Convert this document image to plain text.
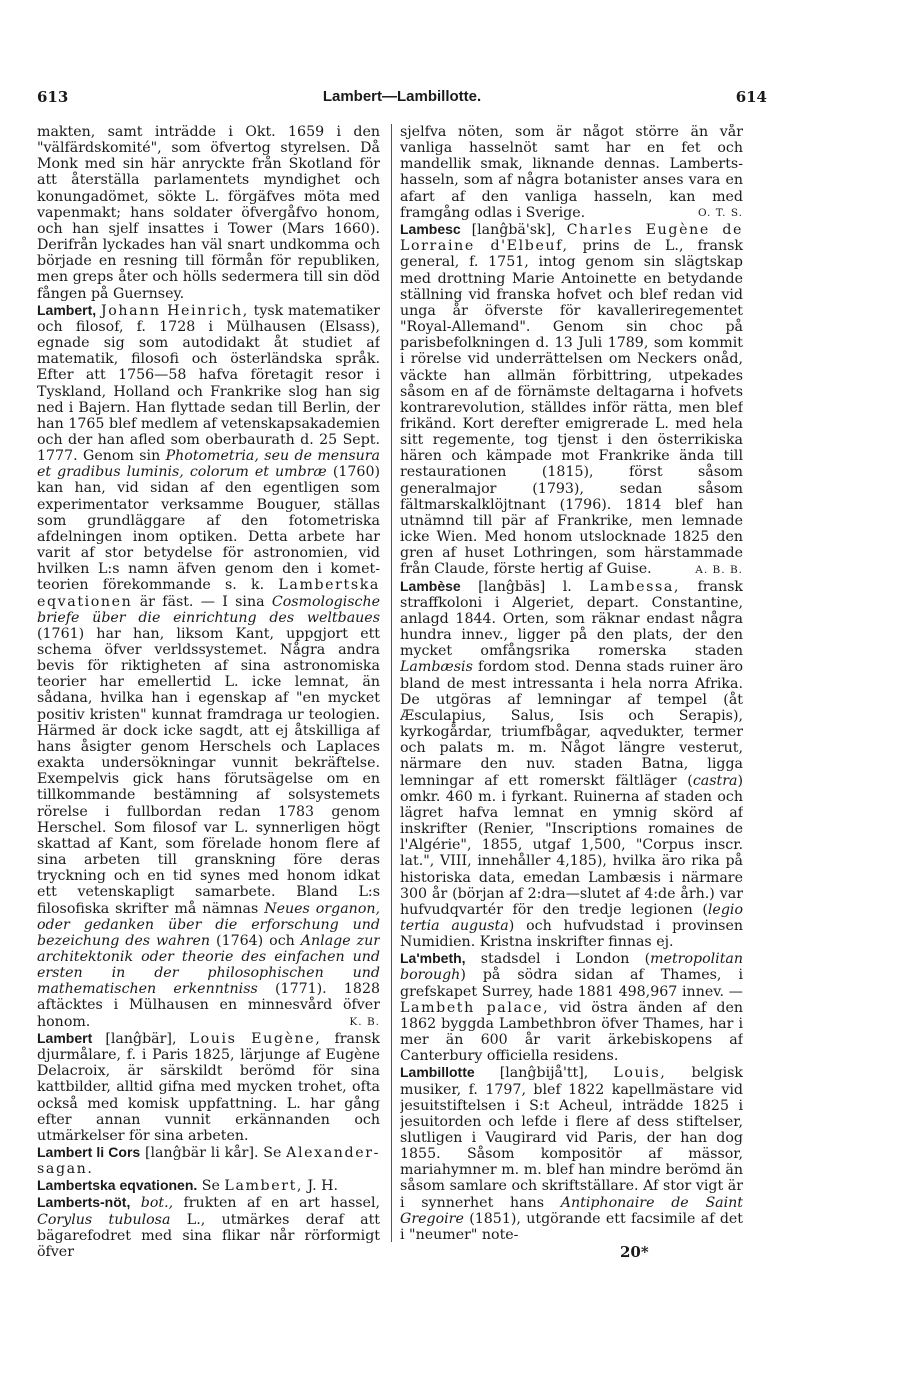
613	Lambert—Lambillotte.	614

makten, samt inträdde i Okt. 1659 i den "välfärdskomité", som öfvertog styrelsen. Då Monk med sin här anryckte från Skotland för att återställa parlamentets myndighet och konungadömet, sökte L. förgäfves möta med vapenmakt; hans soldater öfvergåfvo honom, och han sjelf insattes i Tower (Mars 1660). Derifrån lyckades han väl snart undkomma och började en resning till förmån för republiken, men greps åter och hölls sedermera till sin död fången på Guernsey.

Lambert, Johann Heinrich, tysk matematiker och filosof, f. 1728 i Mülhausen (Elsass), egnade sig som autodidakt åt studiet af matematik, filosofi och österländska språk. Efter att 1756—58 hafva företagit resor i Tyskland, Holland och Frankrike slog han sig ned i Bajern. Han flyttade sedan till Berlin, der han 1765 blef medlem af vetenskapsakademien och der han afled som oberbaurath d. 25 Sept. 1777. Genom sin Photometria, seu de mensura et gradibus luminis, colorum et umbræ (1760) kan han, vid sidan af den egentligen som experimentator verksamme Bouguer, ställas som grundläggare af den fotometriska afdelningen inom optiken. Detta arbete har varit af stor betydelse för astronomien, vid hvilken L:s namn äfven genom den i komet-teorien förekommande s. k. Lambertska eqvationen är fäst. — I sina Cosmologische briefe über die einrichtung des weltbaues (1761) har han, liksom Kant, uppgjort ett schema öfver verldssystemet. Några andra bevis för riktigheten af sina astronomiska teorier har emellertid L. icke lemnat, än sådana, hvilka han i egenskap af "en mycket positiv kristen" kunnat framdraga ur teologien. Härmed är dock icke sagdt, att ej åtskilliga af hans åsigter genom Herschels och Laplaces exakta undersökningar vunnit bekräftelse. Exempelvis gick hans förutsägelse om en tillkommande bestämning af solsystemets rörelse i fullbordan redan 1783 genom Herschel. Som filosof var L. synnerligen högt skattad af Kant, som förelade honom flere af sina arbeten till granskning före deras tryckning och en tid synes med honom idkat ett vetenskapligt samarbete. Bland L:s filosofiska skrifter må nämnas Neues organon, oder gedanken über die erforschung und bezeichung des wahren (1764) och Anlage zur architektonik oder theorie des einfachen und ersten in der philosophischen und mathematischen erkenntniss (1771). 1828 aftäcktes i Mülhausen en minnesvård öfver honom.	K. B.

Lambert [lanĝbär], Louis Eugène, fransk djurmålare, f. i Paris 1825, lärjunge af Eugène Delacroix, är särskildt berömd för sina kattbilder, alltid gifna med mycken trohet, ofta också med komisk uppfattning. L. har gång efter annan vunnit erkännanden och utmärkelser för sina arbeten.

Lambert li Cors [lanĝbär li kår]. Se Alexander-sagan.

Lambertska eqvationen. Se Lambert, J. H.

Lamberts-nöt, bot., frukten af en art hassel, Corylus tubulosa L., utmärkes deraf att bägarefodret med sina flikar når rörformigt öfver

sjelfva nöten, som är något större än vår vanliga hasselnöt samt har en fet och mandellik smak, liknande dennas. Lamberts-hasseln, som af några botanister anses vara en afart af den vanliga hasseln, kan med framgång odlas i Sverige.	O. T. S.

Lambesc [lanĝbä'sk], Charles Eugène de Lorraine d'Elbeuf, prins de L., fransk general, f. 1751, intog genom sin slägtskap med drottning Marie Antoinette en betydande ställning vid franska hofvet och blef redan vid unga år öfverste för kavalleriregementet "Royal-Allemand". Genom sin choc på parisbefolkningen d. 13 Juli 1789, som kommit i rörelse vid underrättelsen om Neckers onåd, väckte han allmän förbittring, utpekades såsom en af de förnämste deltagarna i hofvets kontrarevolution, ställdes inför rätta, men blef frikänd. Kort derefter emigrerade L. med hela sitt regemente, tog tjenst i den österrikiska hären och kämpade mot Frankrike ända till restaurationen (1815), först såsom generalmajor (1793), sedan såsom fältmarskalklöjtnant (1796). 1814 blef han utnämnd till pär af Frankrike, men lemnade icke Wien. Med honom utslocknade 1825 den gren af huset Lothringen, som härstammade från Claude, förste hertig af Guise.	A. B. B.

Lambèse [lanĝbäs] l. Lambessa, fransk straffkoloni i Algeriet, depart. Constantine, anlagd 1844. Orten, som räknar endast några hundra innev., ligger på den plats, der den mycket omfångsrika romerska staden Lambæsis fordom stod. Denna stads ruiner äro bland de mest intressanta i hela norra Afrika. De utgöras af lemningar af tempel (åt Æsculapius, Salus, Isis och Serapis), kyrkogårdar, triumfbågar, aqvedukter, termer och palats m. m. Något längre vesterut, närmare den nuv. staden Batna, ligga lemningar af ett romerskt fältläger (castra) omkr. 460 m. i fyrkant. Ruinerna af staden och lägret hafva lemnat en ymnig skörd af inskrifter (Renier, "Inscriptions romaines de l'Algérie", 1855, utgaf 1,500, "Corpus inscr. lat.", VIII, innehåller 4,185), hvilka äro rika på historiska data, emedan Lambæsis i närmare 300 år (början af 2:dra—slutet af 4:de årh.) var hufvudqvartér för den tredje legionen (legio tertia augusta) och hufvudstad i provinsen Numidien. Kristna inskrifter finnas ej.

La'mbeth, stadsdel i London (metropolitan borough) på södra sidan af Thames, i grefskapet Surrey, hade 1881 498,967 innev. — Lambeth palace, vid östra änden af den 1862 byggda Lambethbron öfver Thames, har i mer än 600 år varit ärkebiskopens af Canterbury officiella residens.

Lambillotte [lanĝbijå'tt], Louis, belgisk musiker, f. 1797, blef 1822 kapellmästare vid jesuitstiftelsen i S:t Acheul, inträdde 1825 i jesuitorden och lefde i flere af dess stiftelser, slutligen i Vaugirard vid Paris, der han dog 1855. Såsom kompositör af mässor, mariahymner m. m. blef han mindre berömd än såsom samlare och skriftställare. Af stor vigt är i synnerhet hans Antiphonaire de Saint Gregoire (1851), utgörande ett facsimile af det i "neumer" note-

20*
